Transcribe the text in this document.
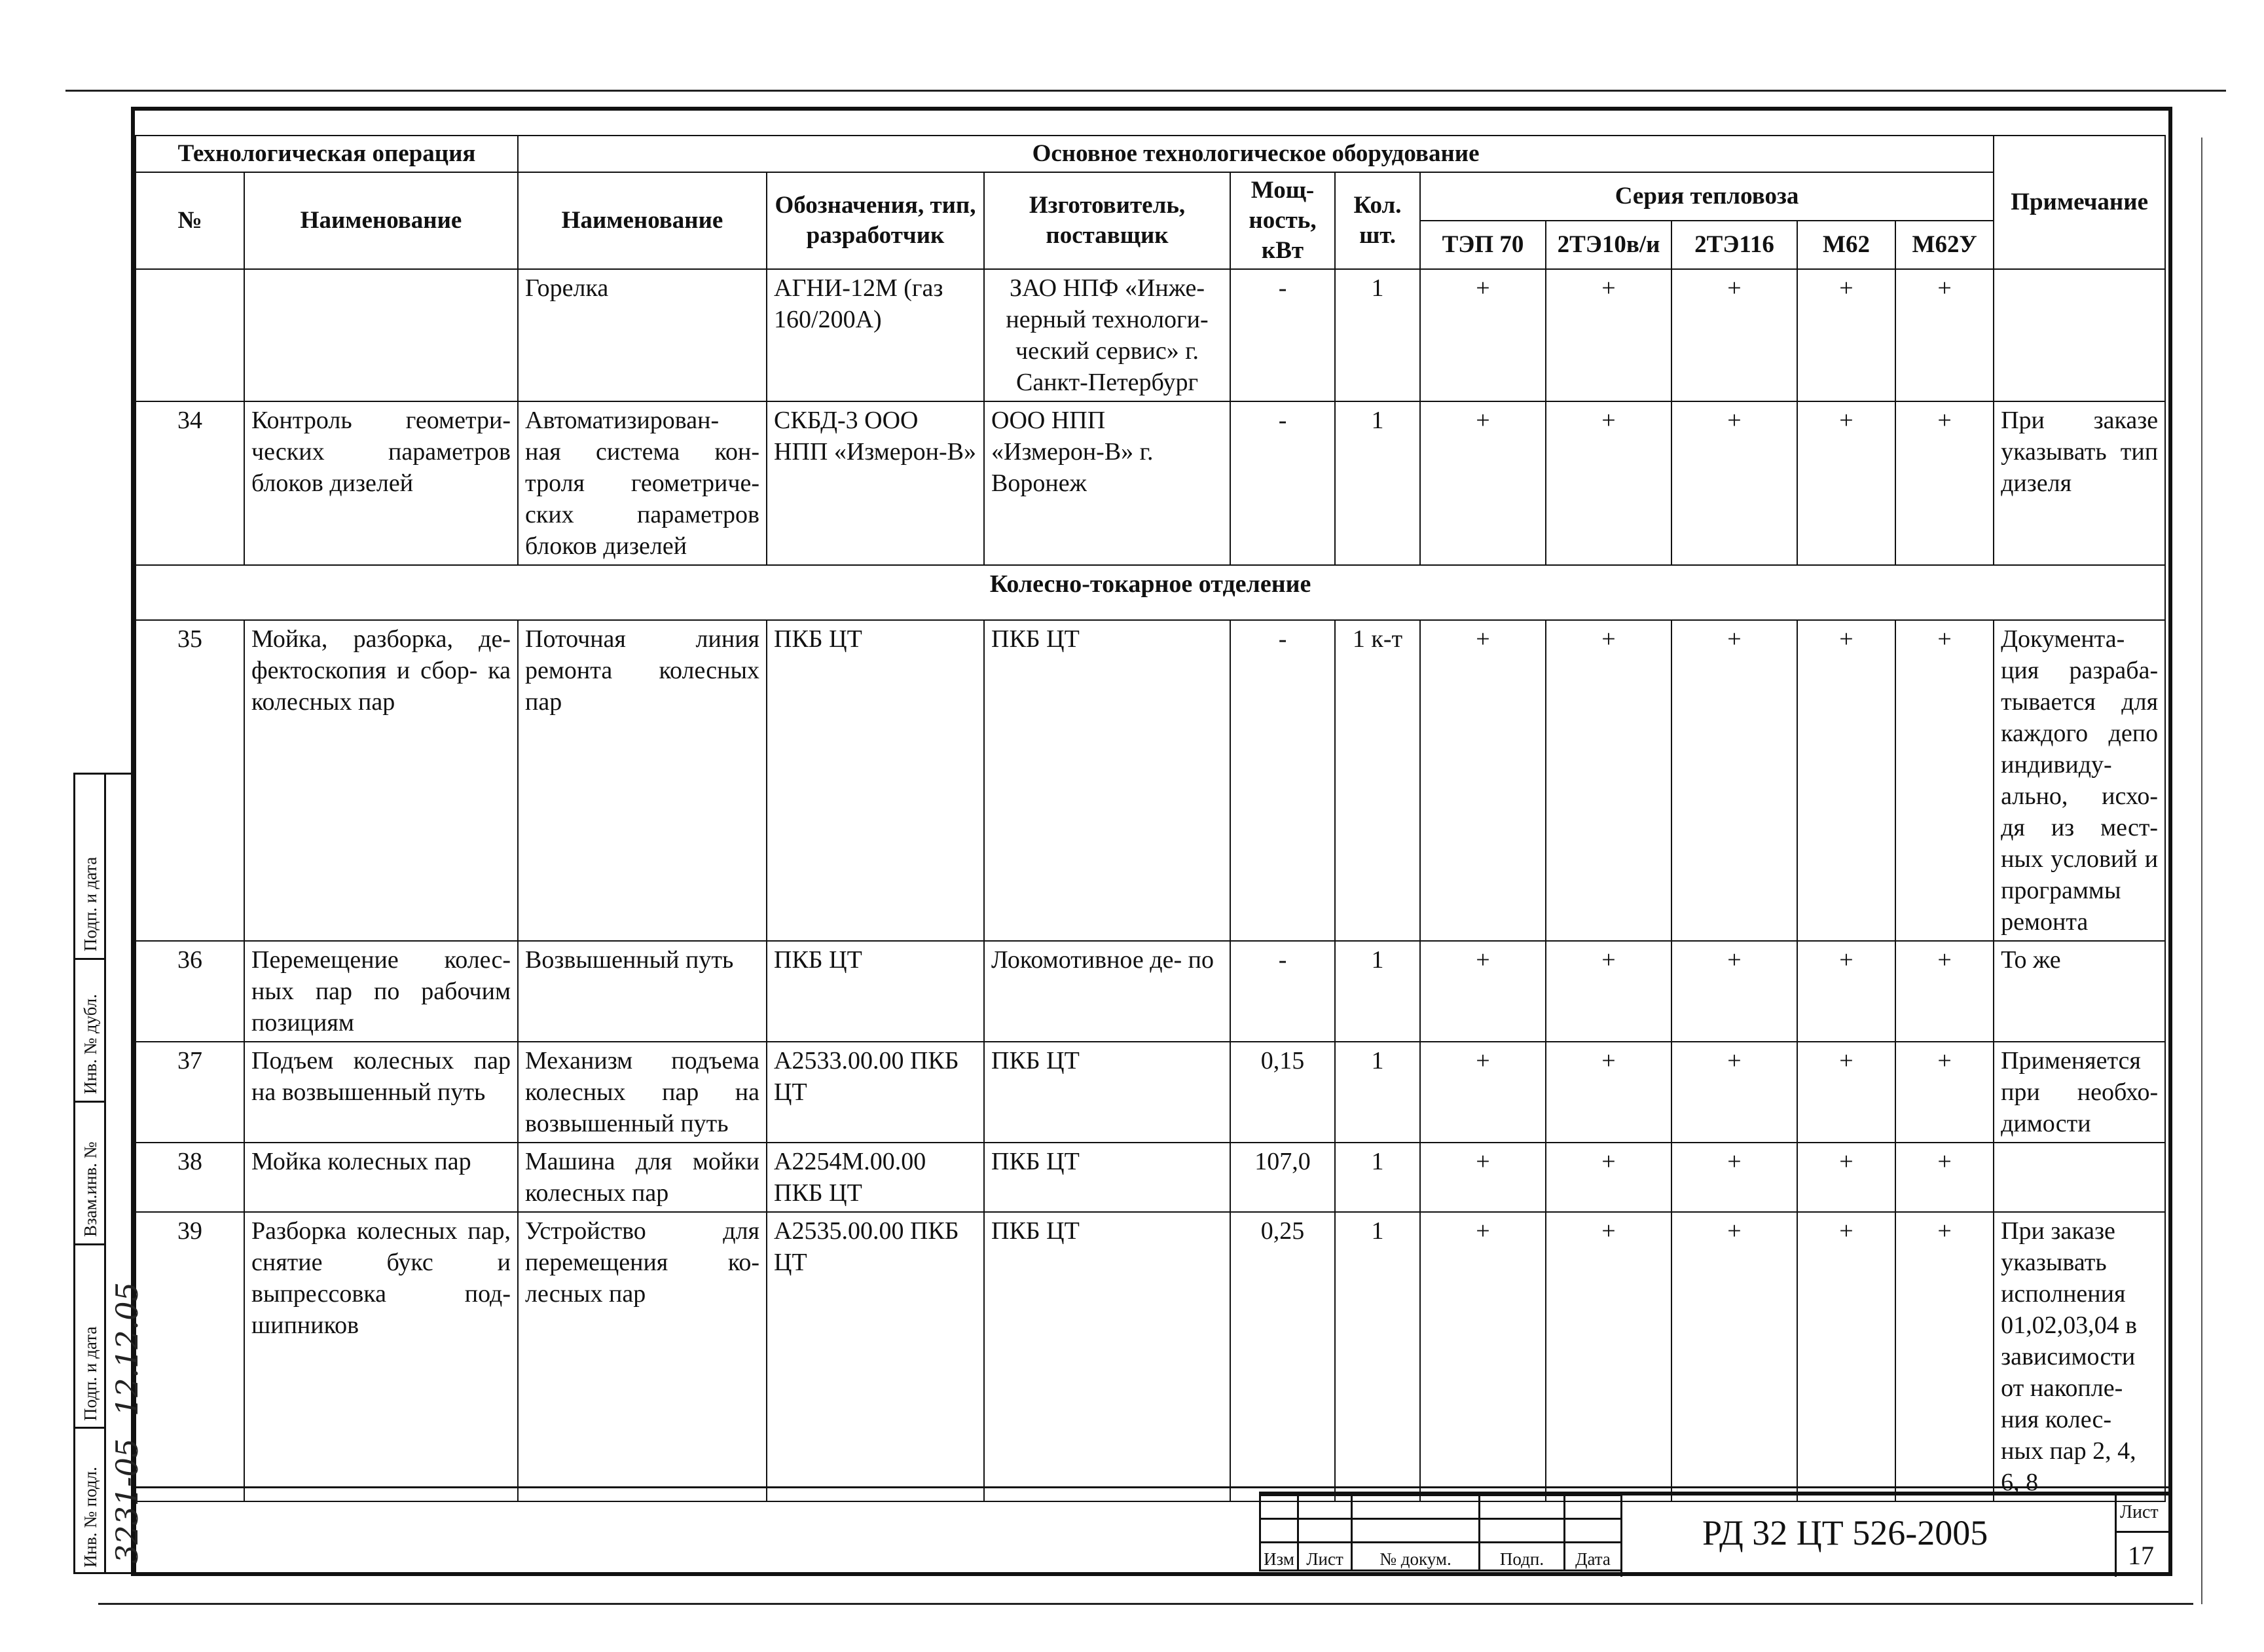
Технологическая операция		Основное технологическое оборудование										Примечание
№	Наименование	Наименование	Обозначения, тип, разработчик	Изготовитель, поставщик	Мощ- ность, кВт	Кол. шт.	Серия тепловоза					
							ТЭП 70	2ТЭ10в/и	2ТЭ116	М62	М62У	
		Горелка	АГНИ-12М (газ 160/200А)	ЗАО НПФ «Инже- нерный технологи- ческий сервис» г. Санкт-Петербург	-	1	+	+	+	+	+	
34	Контроль геометри- ческих параметров блоков дизелей	Автоматизирован- ная система кон- троля геометриче- ских параметров блоков дизелей	СКБД-3 ООО НПП «Измерон-В»	ООО НПП «Измерон-В» г. Воронеж	-	1	+	+	+	+	+	При заказе указывать тип дизеля
Колесно-токарное отделение												
35	Мойка, разборка, де- фектоскопия и сбор- ка колесных пар	Поточная линия ремонта колесных пар	ПКБ ЦТ	ПКБ ЦТ	-	1 к-т	+	+	+	+	+	Документа- ция разраба- тывается для каждого депо индивиду- ально, исхо- дя из мест- ных условий и программы ремонта
36	Перемещение колес- ных пар по рабочим позициям	Возвышенный путь	ПКБ ЦТ	Локомотивное де- по	-	1	+	+	+	+	+	То же
37	Подъем колесных пар на возвышенный путь	Механизм подъема колесных пар на возвышенный путь	А2533.00.00 ПКБ ЦТ	ПКБ ЦТ	0,15	1	+	+	+	+	+	Применяется при необхо- димости
38	Мойка колесных пар	Машина для мойки колесных пар	А2254М.00.00 ПКБ ЦТ	ПКБ ЦТ	107,0	1	+	+	+	+	+	
39	Разборка колесных пар, снятие букс и выпрессовка под- шипников	Устройство для перемещения ко- лесных пар	А2535.00.00 ПКБ ЦТ	ПКБ ЦТ	0,25	1	+	+	+	+	+	При заказе указывать исполнения 01,02,03,04 в зависимости от накопле- ния колес- ных пар 2, 4, 6, 8
Подп. и дата
Инв. № дубл.
Взам.инв. №
Подп. и дата
Инв. № подл.
12.12.05
3231-05

					Изм	Лист	№ докум.	Подп.	Дата
РД 32 ЦТ 526-2005
Лист
17
